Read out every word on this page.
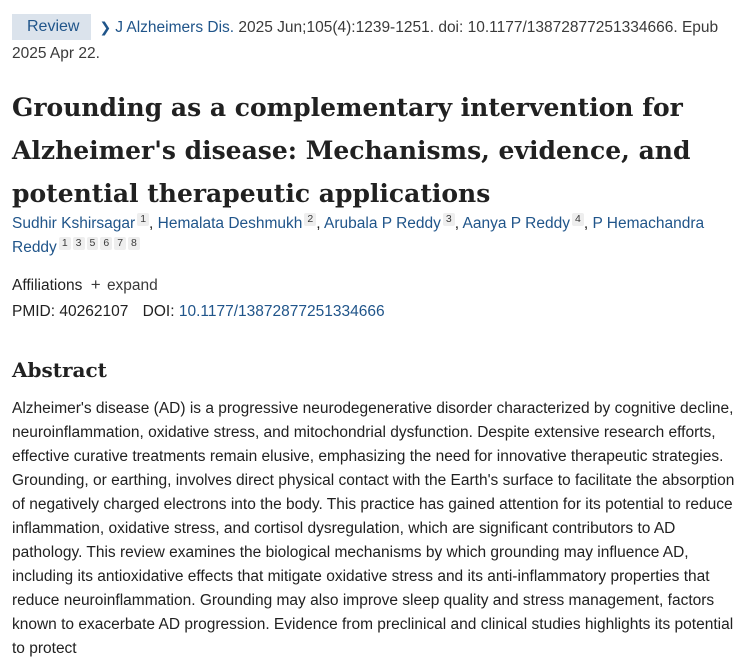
Review ❯ J Alzheimers Dis. 2025 Jun;105(4):1239-1251. doi: 10.1177/13872877251334666. Epub 2025 Apr 22.
Grounding as a complementary intervention for Alzheimer's disease: Mechanisms, evidence, and potential therapeutic applications
Sudhir Kshirsagar 1 , Hemalata Deshmukh 2 , Arubala P Reddy 3 , Aanya P Reddy 4 , P Hemachandra Reddy 1 3 5 6 7 8
Affiliations + expand
PMID: 40262107 DOI: 10.1177/13872877251334666
Abstract

Alzheimer's disease (AD) is a progressive neurodegenerative disorder characterized by cognitive decline, neuroinflammation, oxidative stress, and mitochondrial dysfunction. Despite extensive research efforts, effective curative treatments remain elusive, emphasizing the need for innovative therapeutic strategies. Grounding, or earthing, involves direct physical contact with the Earth's surface to facilitate the absorption of negatively charged electrons into the body. This practice has gained attention for its potential to reduce inflammation, oxidative stress, and cortisol dysregulation, which are significant contributors to AD pathology. This review examines the biological mechanisms by which grounding may influence AD, including its antioxidative effects that mitigate oxidative stress and its anti-inflammatory properties that reduce neuroinflammation. Grounding may also improve sleep quality and stress management, factors known to exacerbate AD progression. Evidence from preclinical and clinical studies highlights its potential to protect
